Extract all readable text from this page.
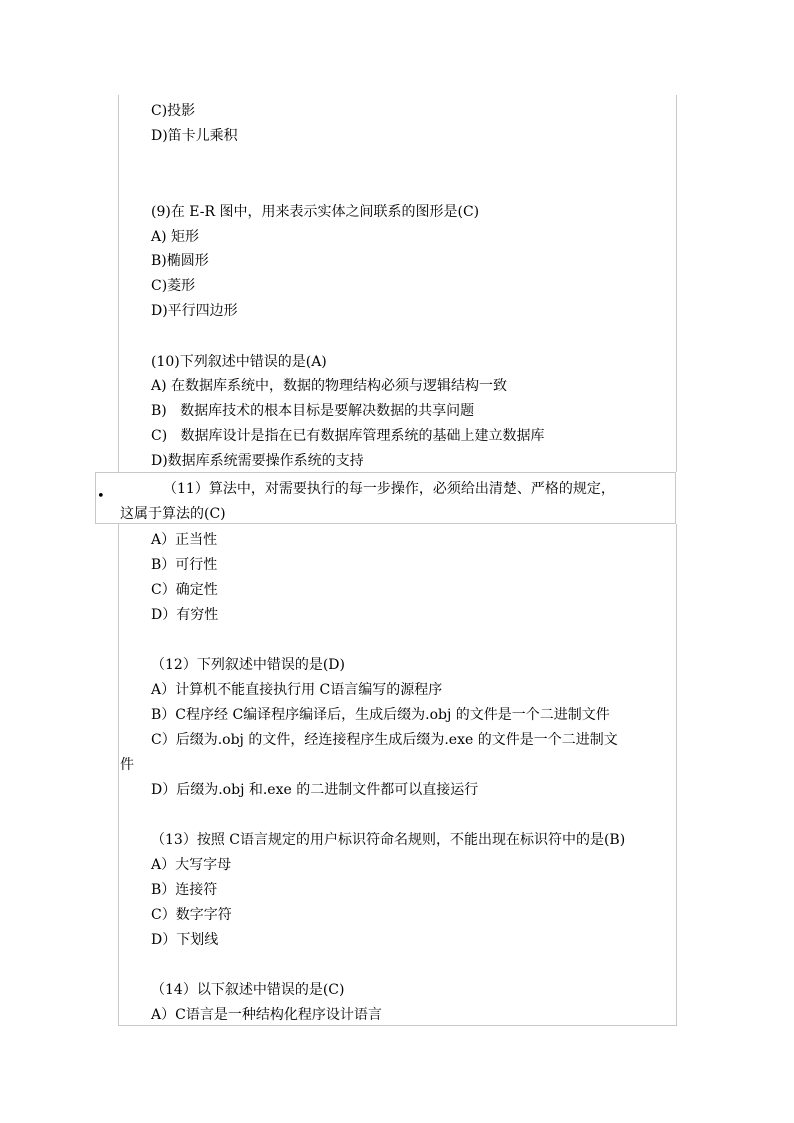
C)投影
D)笛卡儿乘积
(9)在 E-R 图中，用来表示实体之间联系的图形是(C)
A) 矩形
B)椭圆形
C)菱形
D)平行四边形
(10)下列叙述中错误的是(A)
A) 在数据库系统中，数据的物理结构必须与逻辑结构一致
B)   数据库技术的根本目标是要解决数据的共享问题
C)   数据库设计是指在已有数据库管理系统的基础上建立数据库
D)数据库系统需要操作系统的支持
•	（11）算法中，对需要执行的每一步操作，必须给出清楚、严格的规定，
这属于算法的(C)
A）正当性
B）可行性
C）确定性
D）有穷性
（12）下列叙述中错误的是(D)
A）计算机不能直接执行用 C语言编写的源程序
B）C程序经 C编译程序编译后，生成后缀为.obj 的文件是一个二进制文件
C）后缀为.obj 的文件，经连接程序生成后缀为.exe 的文件是一个二进制文
件
D）后缀为.obj 和.exe 的二进制文件都可以直接运行
（13）按照 C语言规定的用户标识符命名规则，不能出现在标识符中的是(B)
A）大写字母
B）连接符
C）数字字符
D）下划线
（14）以下叙述中错误的是(C)
A）C语言是一种结构化程序设计语言
